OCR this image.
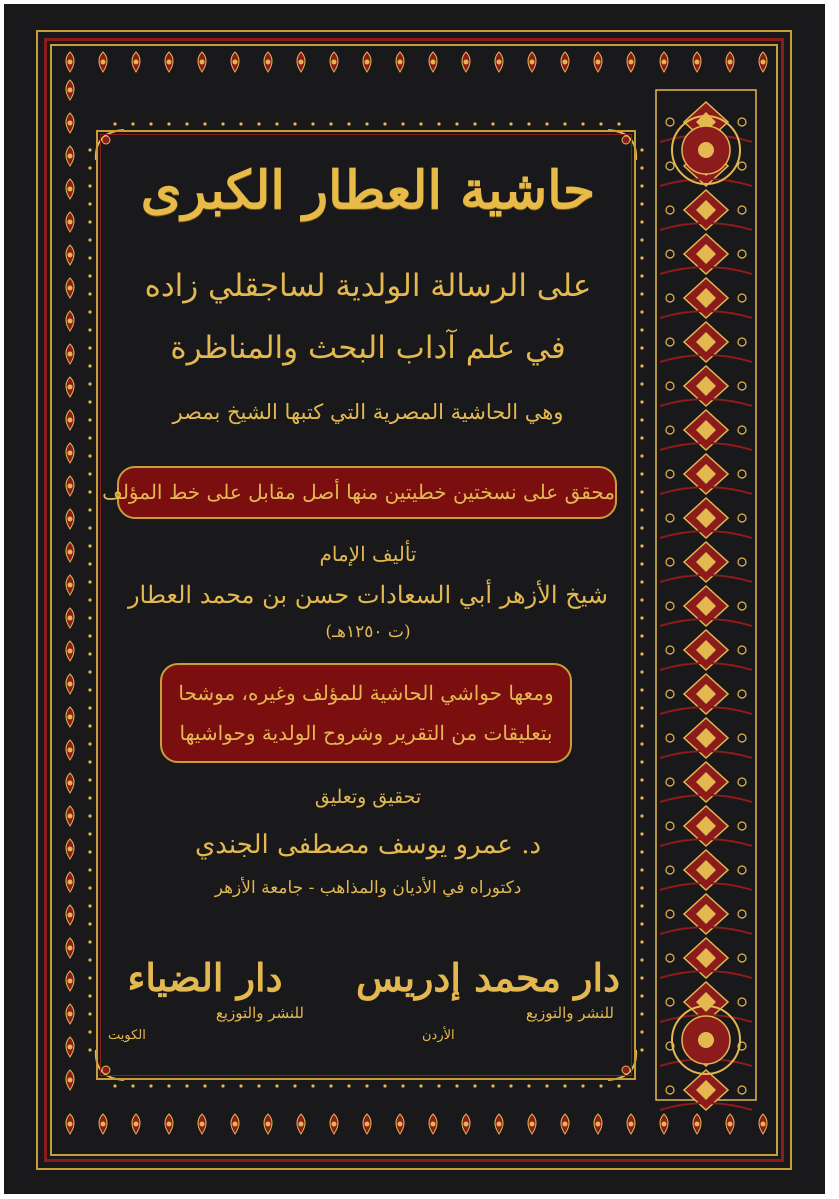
حاشية العطار الكبرى
على الرسالة الولدية لساجقلي زاده
في علم آداب البحث والمناظرة
وهي الحاشية المصرية التي كتبها الشيخ بمصر
محقق على نسختين خطيتين منها أصل مقابل على خط المؤلف
تأليف الإمام
شيخ الأزهر أبي السعادات حسن بن محمد العطار
(ت ١٢٥٠هـ)
ومعها حواشي الحاشية للمؤلف وغيره، موشحا
بتعليقات من التقرير وشروح الولدية وحواشيها
تحقيق وتعليق
د. عمرو يوسف مصطفى الجندي
دكتوراه في الأديان والمذاهب - جامعة الأزهر
دار محمد إدريس
للنشر والتوزيع
الأردن
دار الضياء
للنشر والتوزيع
الكويت
